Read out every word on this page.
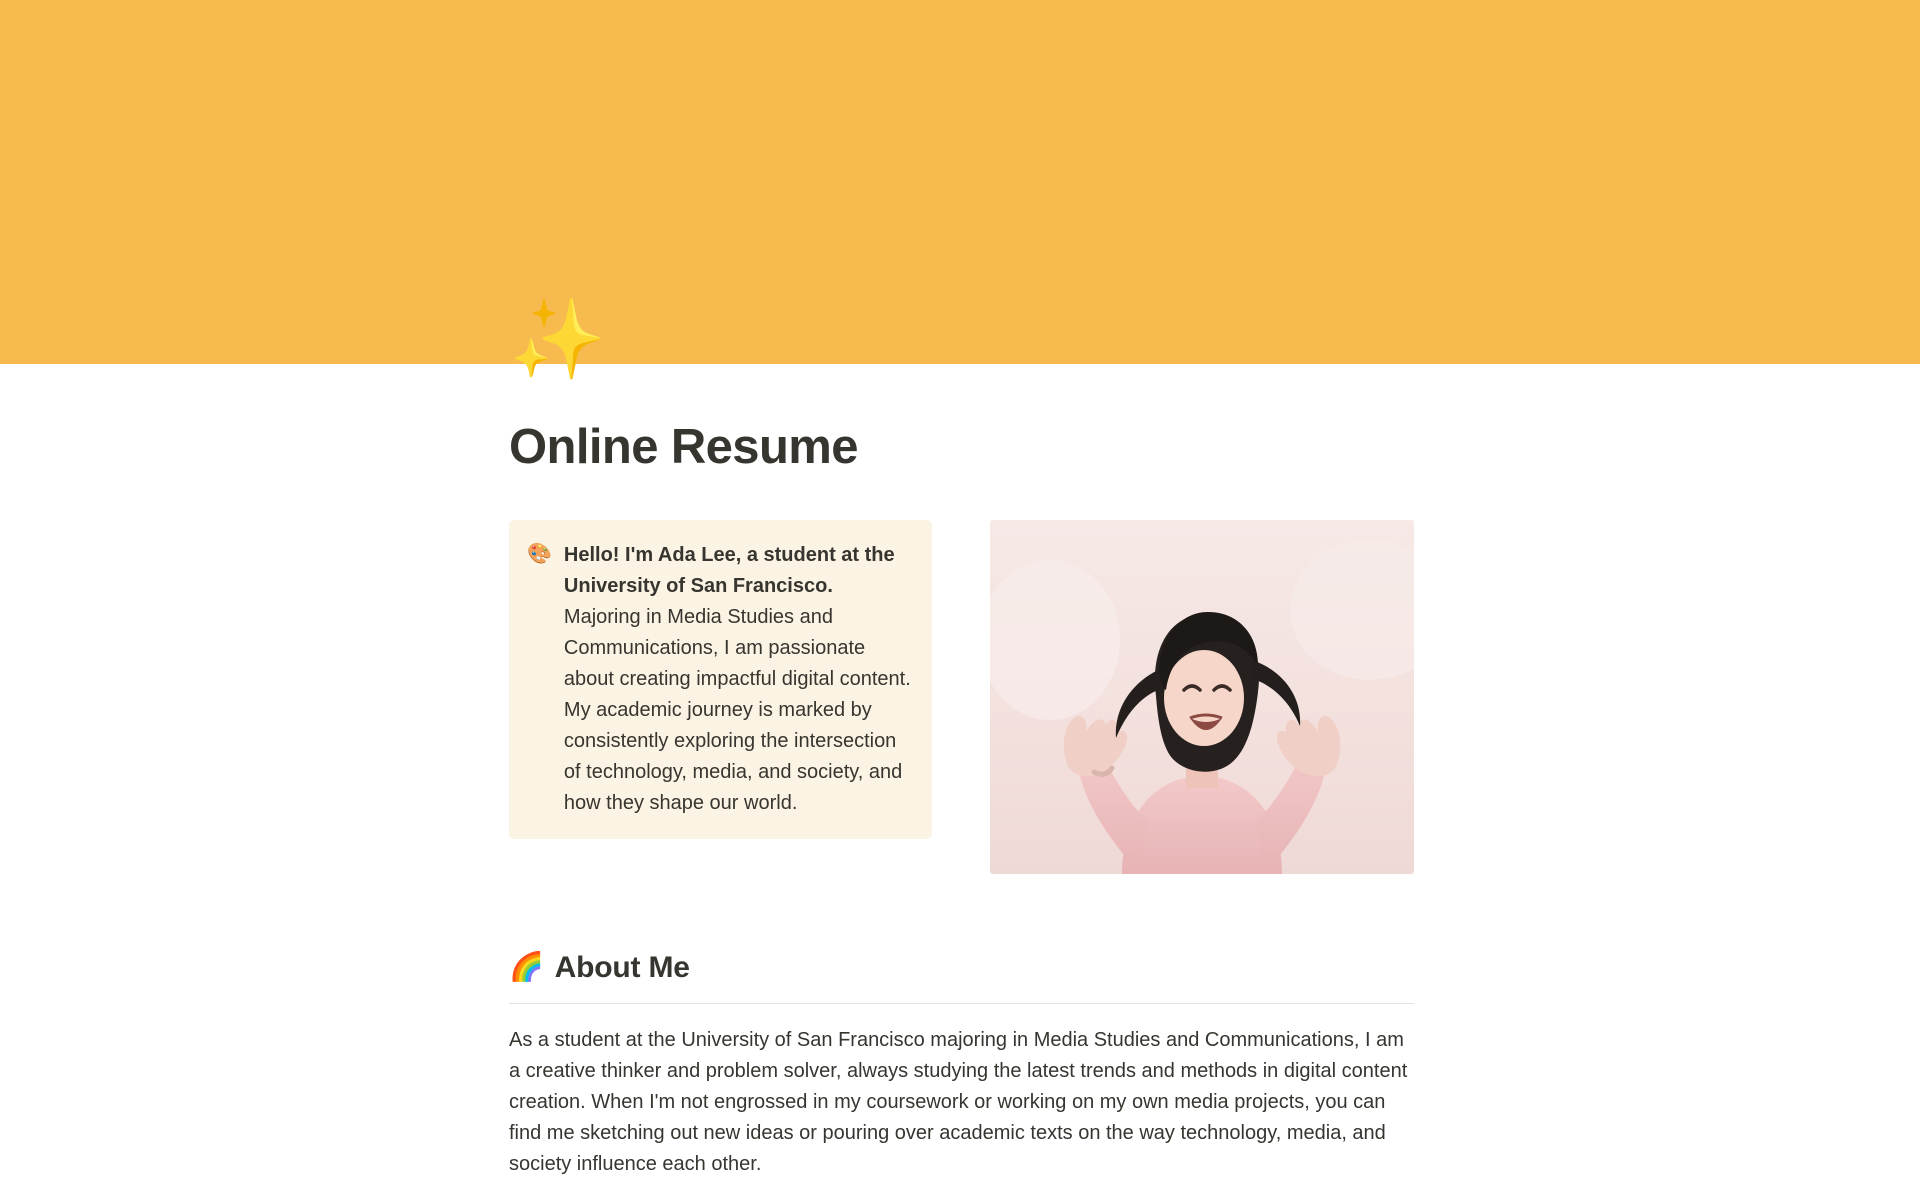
✨
Online Resume
🎨 Hello! I'm Ada Lee, a student at the University of San Francisco. Majoring in Media Studies and Communications, I am passionate about creating impactful digital content. My academic journey is marked by consistently exploring the intersection of technology, media, and society, and how they shape our world.
🌈 About Me

As a student at the University of San Francisco majoring in Media Studies and Communications, I am a creative thinker and problem solver, always studying the latest trends and methods in digital content creation. When I'm not engrossed in my coursework or working on my own media projects, you can find me sketching out new ideas or pouring over academic texts on the way technology, media, and society influence each other.
